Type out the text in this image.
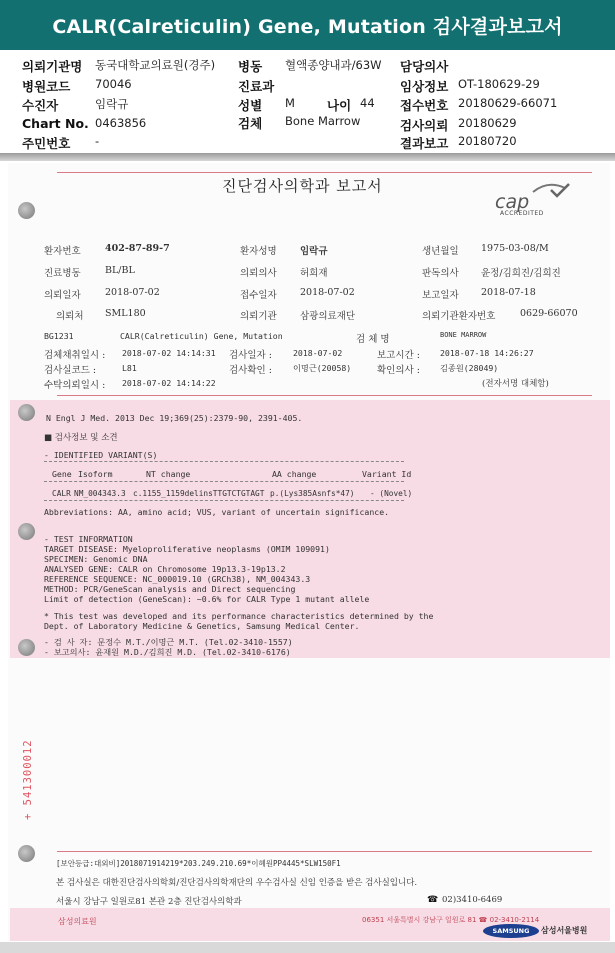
CALR(Calreticulin) Gene, Mutation 검사결과보고서
의뢰기관명 동국대학교의료원(경주) 병동 혈액종양내과/63W 담당의사
병원코드 70046	진료과	임상정보 OT-180629-29
수진자	임락규	성별 M	나이 44 접수번호 20180629-66071
Chart No. 0463856	검체 Bone Marrow	검사의뢰 20180629
주민번호 -	결과보고 20180720
진단검사의학과 보고서
cap
ACCREDITED
환자번호	402-87-89-7	환자성명 임락규	생년월일 1975-03-08/M
진료병동	BL/BL	의뢰의사 허희재	판독의사 윤정/김희진/김희진
의뢰일자	2018-07-02	접수일자 2018-07-02	보고일자 2018-07-18
의뢰처 SML180	의뢰기관 삼광의료재단	의뢰기관환자번호	0629-66070
BG1231	CALR(Calreticulin) Gene, Mutation	검 체 명	BONE MARROW
검체채취일시 : 2018-07-02 14:14:31 검사일자 :	2018-07-02	보고시간 : 2018-07-18 14:26:27
검사실코드 :	L81	검사확인 :	이명근(20058)	확인의사 : 김종원(28049)
수탁의뢰일시 : 2018-07-02 14:14:22	(전자서명 대체함)
N Engl J Med. 2013 Dec 19;369(25):2379-90, 2391-405.
■ 검사정보 및 소견
- IDENTIFIED VARIANT(S)
Gene Isoform	NT change	AA change	Variant Id
CALR NM_004343.3 c.1155_1159delinsTTGTCTGTAGT p.(Lys385Asnfs*47) - (Novel)
Abbreviations: AA, amino acid; VUS, variant of uncertain significance.
- TEST INFORMATION
TARGET DISEASE: Myeloproliferative neoplasms (OMIM 109091)
SPECIMEN: Genomic DNA
ANALYSED GENE: CALR on Chromosome 19p13.3-19p13.2
REFERENCE SEQUENCE: NC_000019.10 (GRCh38), NM_004343.3
METHOD: PCR/GeneScan analysis and Direct sequencing
Limit of detection (GeneScan): ~0.6% for CALR Type 1 mutant allele
* This test was developed and its performance characteristics determined by the
Dept. of Laboratory Medicine & Genetics, Samsung Medical Center.
- 검 사 자: 문정수 M.T./이명근 M.T. (Tel.02-3410-1557)
- 보고의사: 윤재원 M.D./김희진 M.D. (Tel.02-3410-6176)
+ 541300012
[보안등급:대외비]2018071914219*203.249.210.69*이혜원PP4445*SLW150F1
본 검사실은 대한진단검사의학회/진단검사의학재단의 우수검사실 신임 인증을 받은 검사실입니다.
서울시 강남구 일원로81 본관 2층 진단검사의학과	☎ 02)3410-6469
삼성의료원	06351 서울특별시 강남구 일원로 81 ☎ 02-3410-2114
SAMSUNG	삼성서울병원
